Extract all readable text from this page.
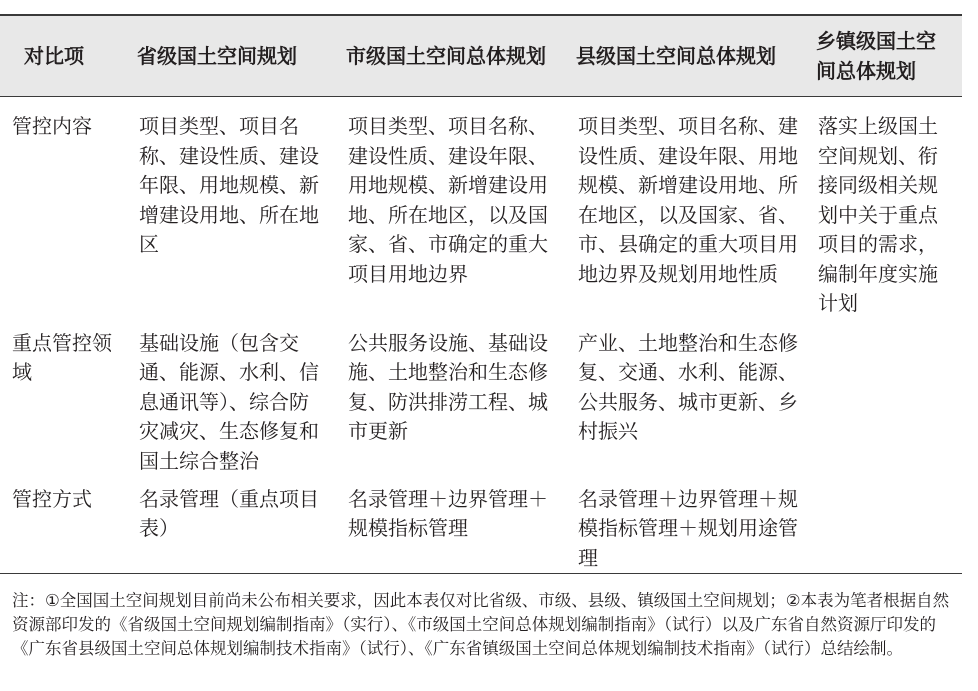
对比项	省级国土空间规划	市级国土空间总体规划	县级国土空间总体规划	乡镇级国土空间总体规划
管控内容	项目类型、项目名称、建设性质、建设年限、用地规模、新增建设用地、所在地区	项目类型、项目名称、建设性质、建设年限、用地规模、新增建设用地、所在地区，以及国家、省、市确定的重大项目用地边界	项目类型、项目名称、建设性质、建设年限、用地规模、新增建设用地、所在地区，以及国家、省、市、县确定的重大项目用地边界及规划用地性质	落实上级国土空间规划、衔接同级相关规划中关于重点项目的需求，编制年度实施计划
重点管控领域	基础设施（包含交通、能源、水利、信息通讯等）、综合防灾减灾、生态修复和国土综合整治	公共服务设施、基础设施、土地整治和生态修复、防洪排涝工程、城市更新	产业、土地整治和生态修复、交通、水利、能源、公共服务、城市更新、乡村振兴	
管控方式	名录管理（重点项目表）	名录管理＋边界管理＋规模指标管理	名录管理＋边界管理＋规模指标管理＋规划用途管理	
注：①全国国土空间规划目前尚未公布相关要求，因此本表仅对比省级、市级、县级、镇级国土空间规划；②本表为笔者根据自然资源部印发的《省级国土空间规划编制指南》（实行）、《市级国土空间总体规划编制指南》（试行）以及广东省自然资源厅印发的《广东省县级国土空间总体规划编制技术指南》（试行）、《广东省镇级国土空间总体规划编制技术指南》（试行）总结绘制。
